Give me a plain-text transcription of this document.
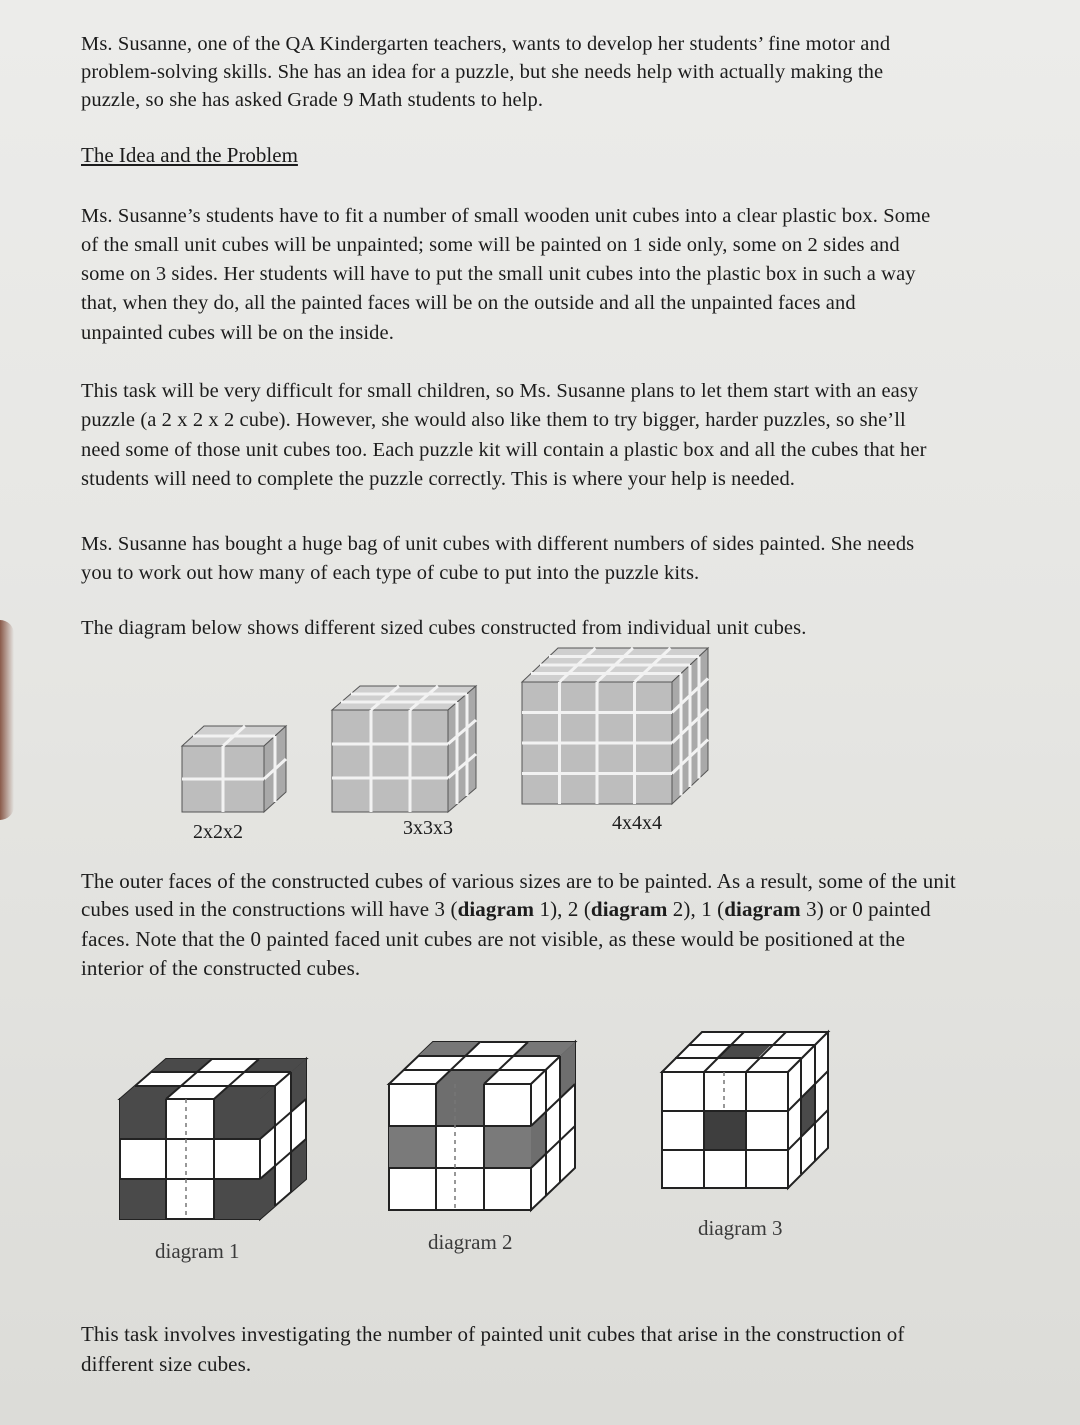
Ms. Susanne, one of the QA Kindergarten teachers, wants to develop her students’ fine motor and

problem-solving skills. She has an idea for a puzzle, but she needs help with actually making the

puzzle, so she has asked Grade 9 Math students to help.

The Idea and the Problem

Ms. Susanne’s students have to fit a number of small wooden unit cubes into a clear plastic box. Some

of the small unit cubes will be unpainted; some will be painted on 1 side only, some on 2 sides and

some on 3 sides. Her students will have to put the small unit cubes into the plastic box in such a way

that, when they do, all the painted faces will be on the outside and all the unpainted faces and

unpainted cubes will be on the inside.

This task will be very difficult for small children, so Ms. Susanne plans to let them start with an easy

puzzle (a 2 x 2 x 2 cube). However, she would also like them to try bigger, harder puzzles, so she’ll

need some of those unit cubes too. Each puzzle kit will contain a plastic box and all the cubes that her

students will need to complete the puzzle correctly. This is where your help is needed.

Ms. Susanne has bought a huge bag of unit cubes with different numbers of sides painted. She needs

you to work out how many of each type of cube to put into the puzzle kits.

The diagram below shows different sized cubes constructed from individual unit cubes.

2x2x2	3x3x3	4x4x4

The outer faces of the constructed cubes of various sizes are to be painted. As a result, some of the unit

cubes used in the constructions will have 3 (diagram 1), 2 (diagram 2), 1 (diagram 3) or 0 painted

faces. Note that the 0 painted faced unit cubes are not visible, as these would be positioned at the

interior of the constructed cubes.

diagram 1	diagram 2
diagram 3

This task involves investigating the number of painted unit cubes that arise in the construction of

different size cubes.
